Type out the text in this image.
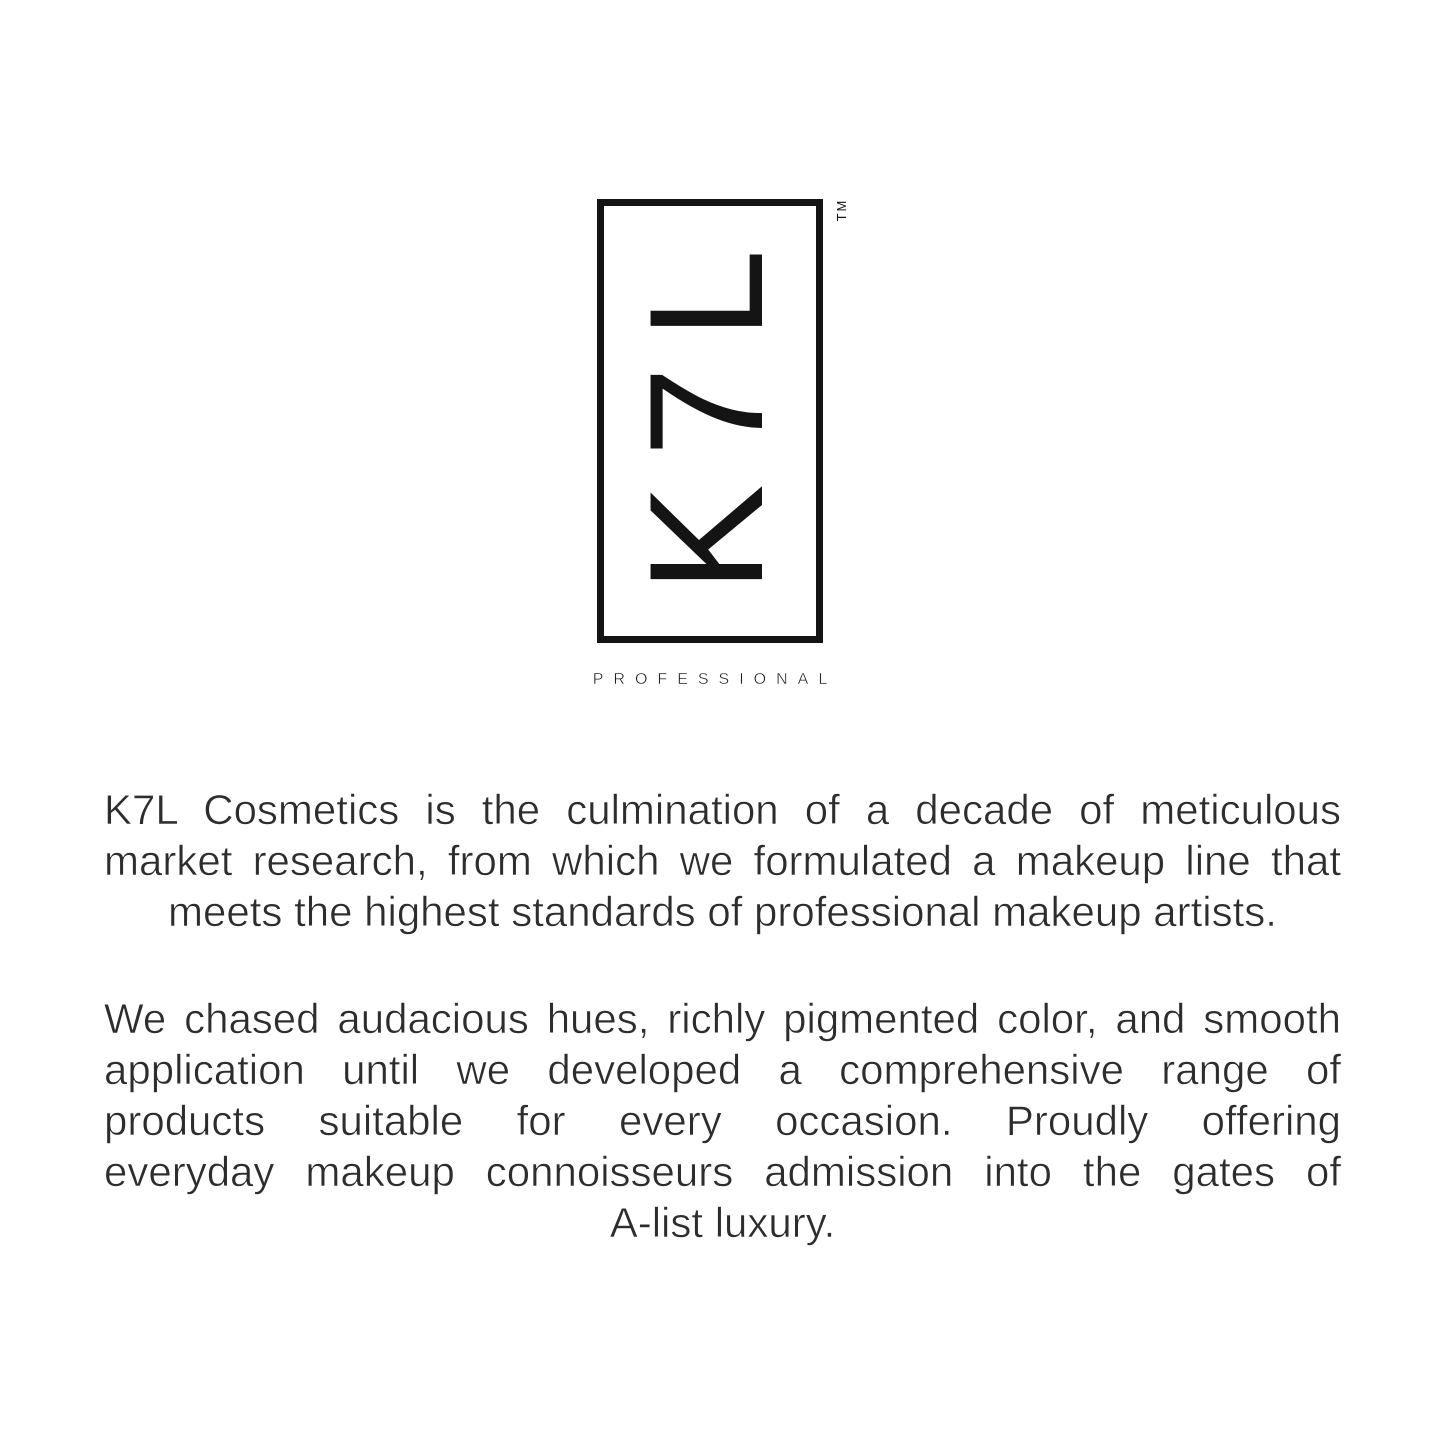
K7L
TM
PROFESSIONAL

K7L Cosmetics is the culmination of a decade of meticulous
market research, from which we formulated a makeup line that
meets the highest standards of professional makeup artists.

We chased audacious hues, richly pigmented color, and smooth
application until we developed a comprehensive range of
products suitable for every occasion. Proudly offering
everyday makeup connoisseurs admission into the gates of
A-list luxury.
